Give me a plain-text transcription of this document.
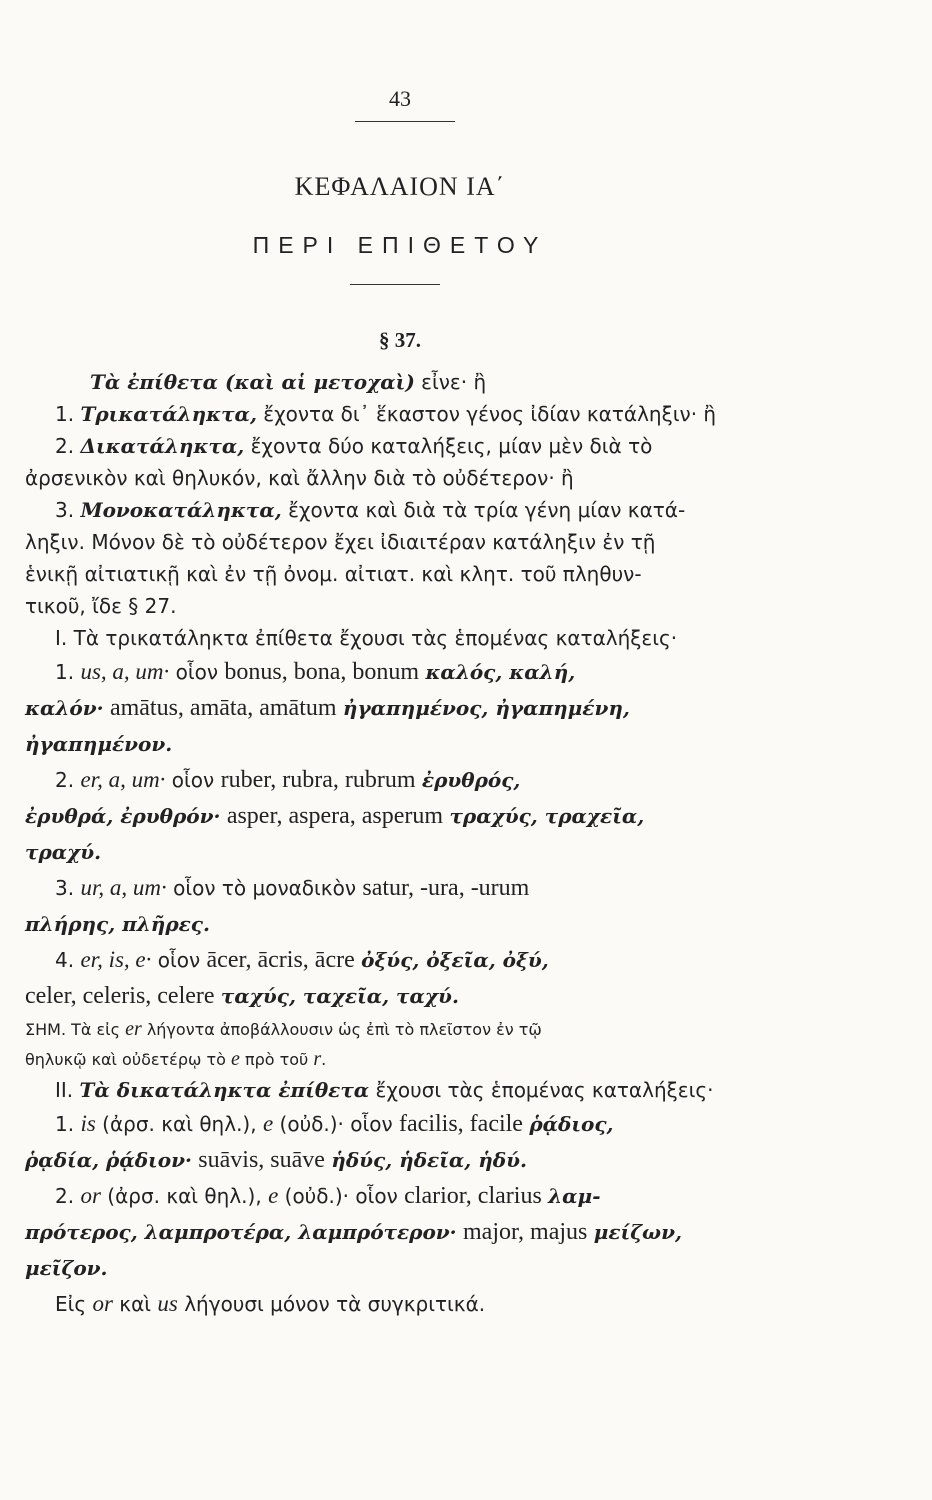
43
ΚΕΦΑΛΑΙΟΝ ΙΑ΄
ΠΕΡΙ ΕΠΙΘΕΤΟΥ
§ 37.
Τὰ ἐπίθετα (καὶ αἱ μετοχαὶ) εἶνε· ἢ
1. Τρικατάληκτα, ἔχοντα δι᾽ ἕκαστον γένος ἰδίαν κατάληξιν· ἢ
2. Δικατάληκτα, ἔχοντα δύο καταλήξεις, μίαν μὲν διὰ τὸ
ἀρσενικὸν καὶ θηλυκόν, καὶ ἄλλην διὰ τὸ οὐδέτερον· ἢ
3. Μονοκατάληκτα, ἔχοντα καὶ διὰ τὰ τρία γένη μίαν κατά-
ληξιν. Μόνον δὲ τὸ οὐδέτερον ἔχει ἰδιαιτέραν κατάληξιν ἐν τῇ
ἑνικῇ αἰτιατικῇ καὶ ἐν τῇ ὀνομ. αἰτιατ. καὶ κλητ. τοῦ πληθυν-
τικοῦ, ἴδε § 27.
Ι. Τὰ τρικατάληκτα ἐπίθετα ἔχουσι τὰς ἑπομένας καταλήξεις·
1. us, a, um· οἷον bonus, bona, bonum καλός, καλή,
καλόν· amātus, amāta, amātum ἠγαπημένος, ἠγαπημένη,
ἠγαπημένον.
2. er, a, um· οἷον ruber, rubra, rubrum ἐρυθρός,
ἐρυθρά, ἐρυθρόν· asper, aspera, asperum τραχύς, τραχεῖα,
τραχύ.
3. ur, a, um· οἷον τὸ μοναδικὸν satur, -ura, -urum
πλήρης, πλῆρες.
4. er, is, e· οἷον ācer, ācris, ācre ὀξύς, ὀξεῖα, ὀξύ,
celer, celeris, celere ταχύς, ταχεῖα, ταχύ.
ΣΗΜ. Τὰ εἰς er λήγοντα ἀποβάλλουσιν ὡς ἐπὶ τὸ πλεῖστον ἐν τῷ
θηλυκῷ καὶ οὐδετέρῳ τὸ e πρὸ τοῦ r.
ΙΙ. Τὰ δικατάληκτα ἐπίθετα ἔχουσι τὰς ἑπομένας καταλήξεις·
1. is (ἀρσ. καὶ θηλ.), e (οὐδ.)· οἷον facilis, facile ῥᾴδιος,
ῥᾳδία, ῥᾴδιον· suāvis, suāve ἡδύς, ἡδεῖα, ἡδύ.
2. or (ἀρσ. καὶ θηλ.), e (οὐδ.)· οἷον clarior, clarius λαμ-
πρότερος, λαμπροτέρα, λαμπρότερον· major, majus μείζων,
μεῖζον.
Εἰς or καὶ us λήγουσι μόνον τὰ συγκριτικά.
